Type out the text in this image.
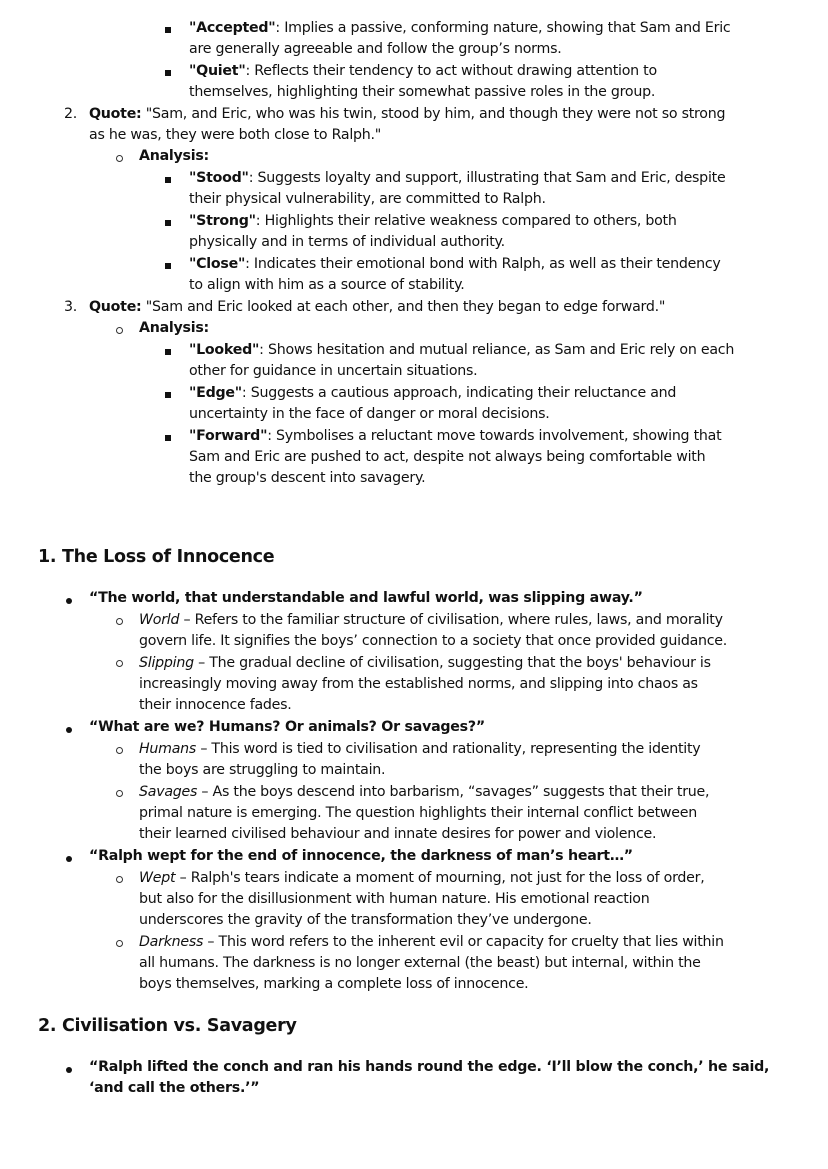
"Accepted": Implies a passive, conforming nature, showing that Sam and Eric
are generally agreeable and follow the group’s norms.
"Quiet": Reflects their tendency to act without drawing attention to
themselves, highlighting their somewhat passive roles in the group.
2. Quote: "Sam, and Eric, who was his twin, stood by him, and though they were not so strong
as he was, they were both close to Ralph."
Analysis:
"Stood": Suggests loyalty and support, illustrating that Sam and Eric, despite
their physical vulnerability, are committed to Ralph.
"Strong": Highlights their relative weakness compared to others, both
physically and in terms of individual authority.
"Close": Indicates their emotional bond with Ralph, as well as their tendency
to align with him as a source of stability.
3. Quote: "Sam and Eric looked at each other, and then they began to edge forward."
Analysis:
"Looked": Shows hesitation and mutual reliance, as Sam and Eric rely on each
other for guidance in uncertain situations.
"Edge": Suggests a cautious approach, indicating their reluctance and
uncertainty in the face of danger or moral decisions.
"Forward": Symbolises a reluctant move towards involvement, showing that
Sam and Eric are pushed to act, despite not always being comfortable with
the group's descent into savagery.
1. The Loss of Innocence
“The world, that understandable and lawful world, was slipping away.”
World – Refers to the familiar structure of civilisation, where rules, laws, and morality
govern life. It signifies the boys’ connection to a society that once provided guidance.
Slipping – The gradual decline of civilisation, suggesting that the boys' behaviour is
increasingly moving away from the established norms, and slipping into chaos as
their innocence fades.
“What are we? Humans? Or animals? Or savages?”
Humans – This word is tied to civilisation and rationality, representing the identity
the boys are struggling to maintain.
Savages – As the boys descend into barbarism, “savages” suggests that their true,
primal nature is emerging. The question highlights their internal conflict between
their learned civilised behaviour and innate desires for power and violence.
“Ralph wept for the end of innocence, the darkness of man’s heart…”
Wept – Ralph's tears indicate a moment of mourning, not just for the loss of order,
but also for the disillusionment with human nature. His emotional reaction
underscores the gravity of the transformation they’ve undergone.
Darkness – This word refers to the inherent evil or capacity for cruelty that lies within
all humans. The darkness is no longer external (the beast) but internal, within the
boys themselves, marking a complete loss of innocence.
2. Civilisation vs. Savagery
“Ralph lifted the conch and ran his hands round the edge. ‘I’ll blow the conch,’ he said,
‘and call the others.’”
